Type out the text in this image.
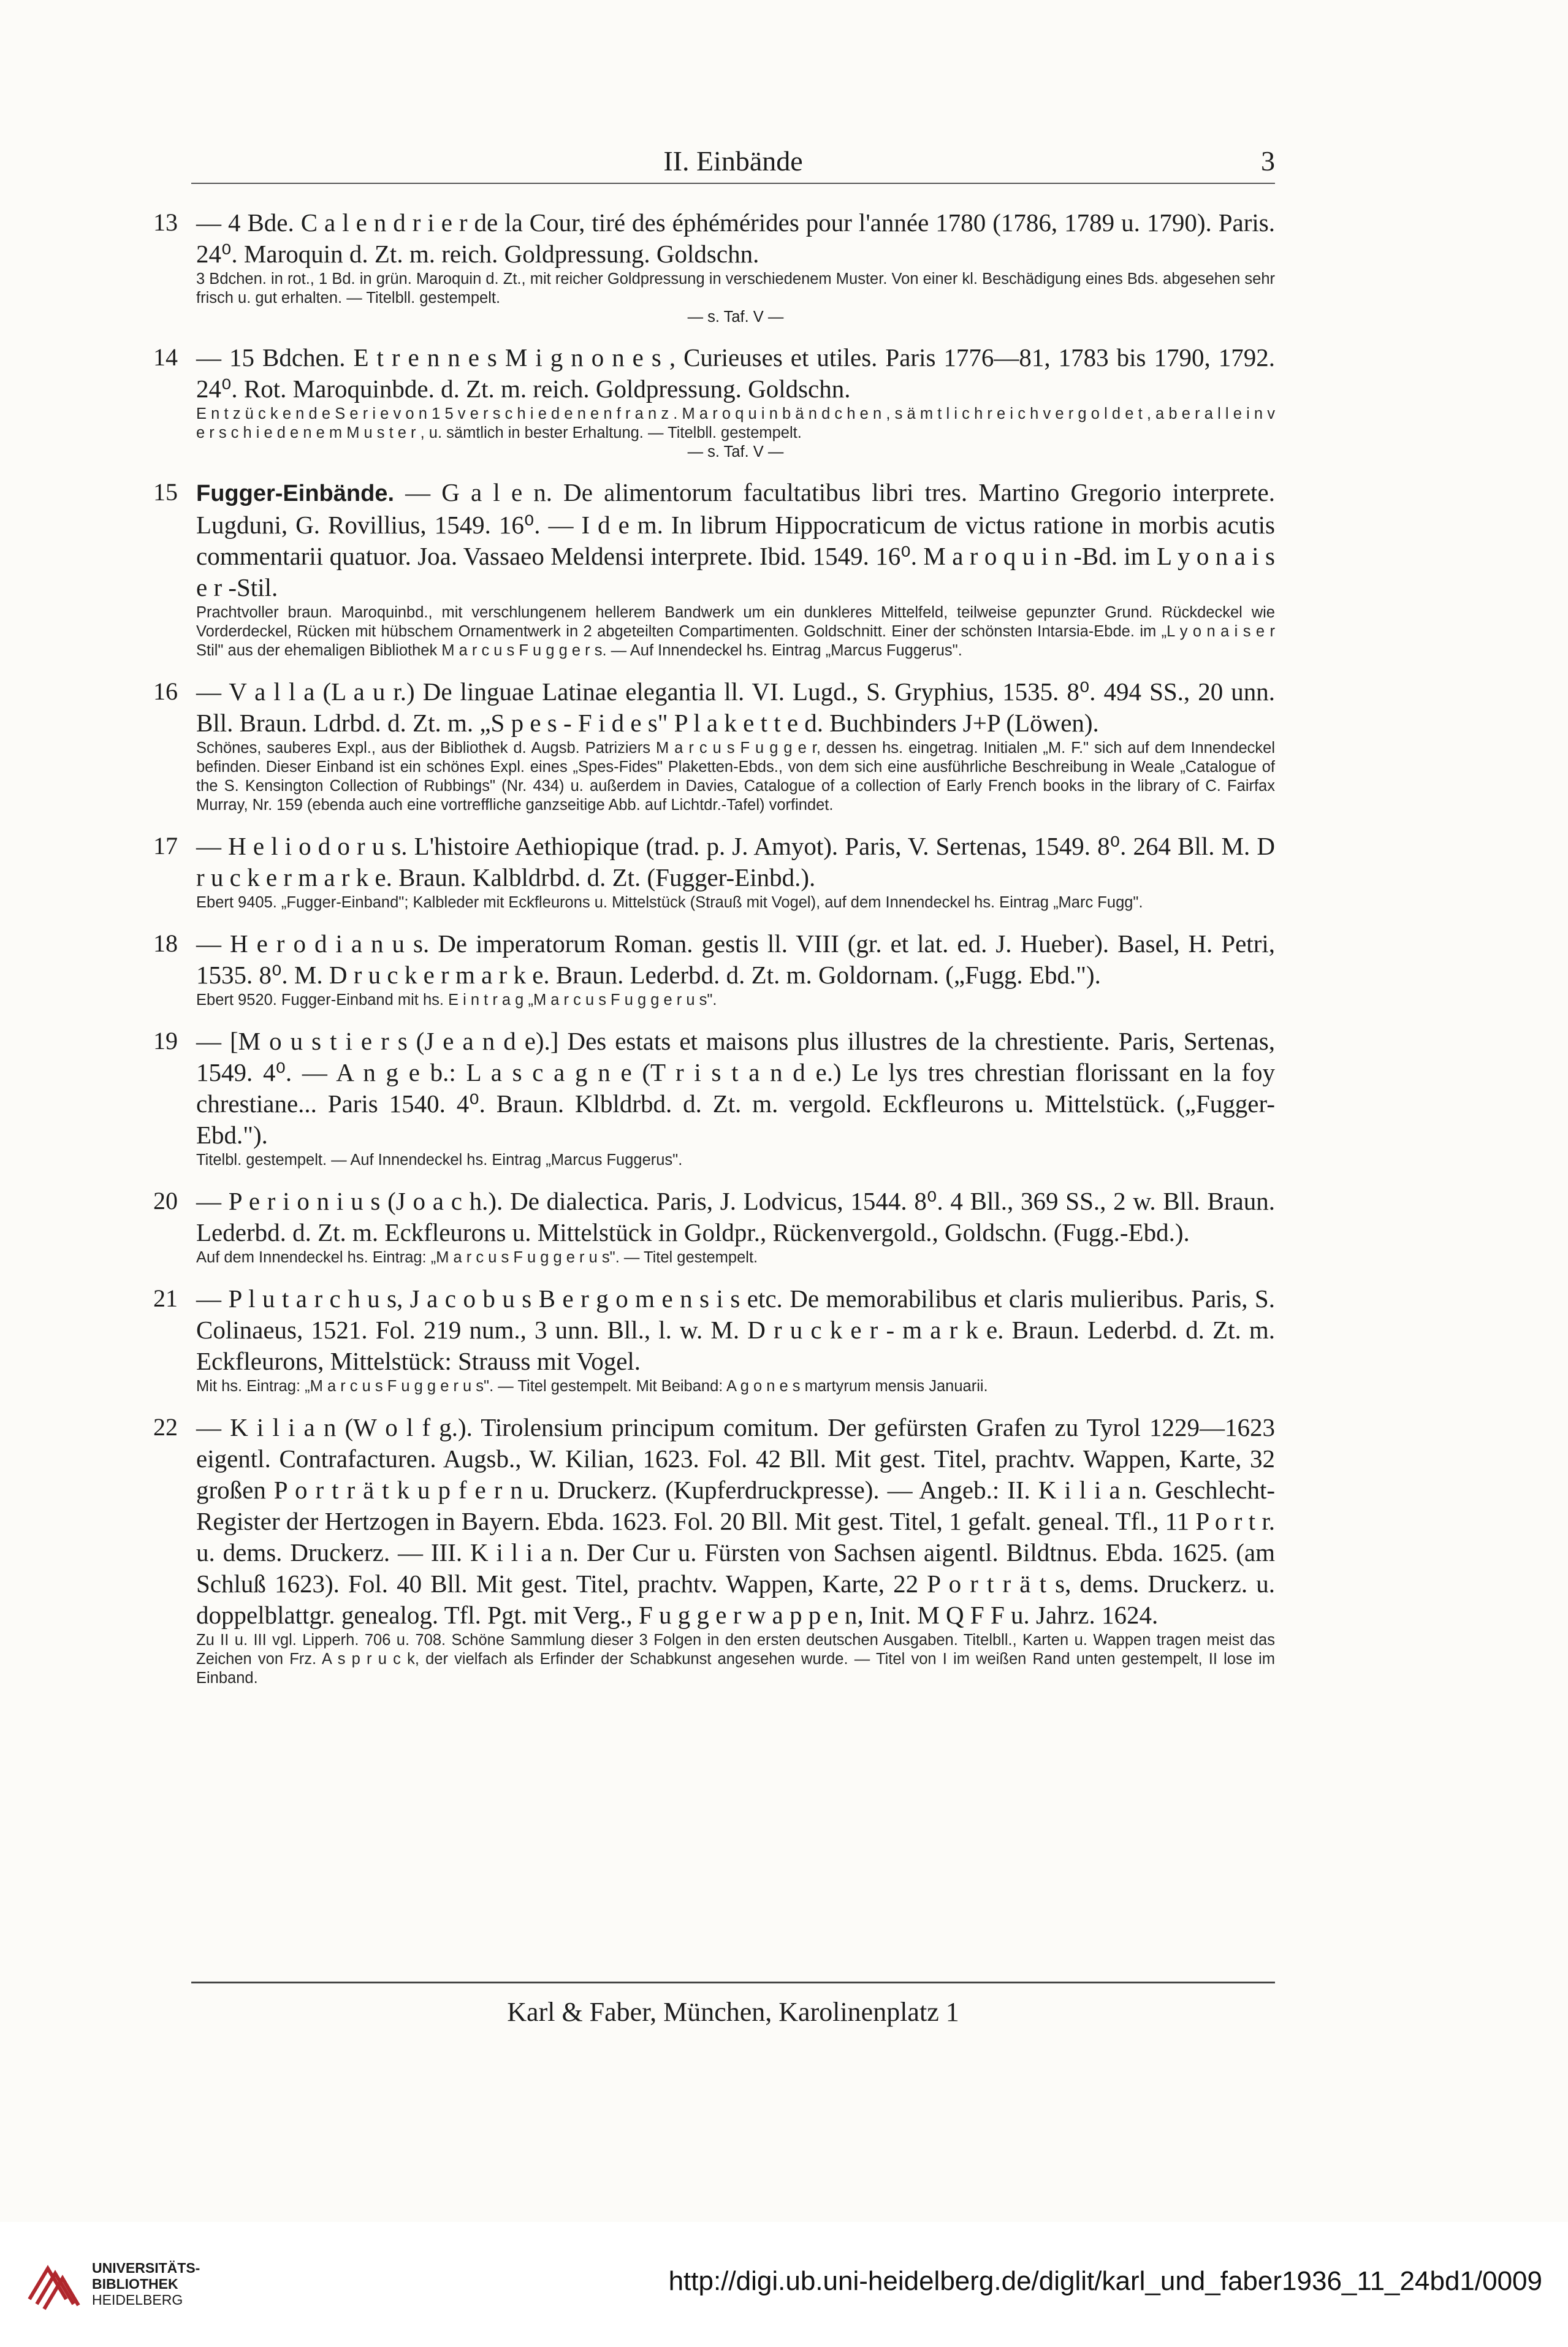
II. Einbände	3
13 — 4 Bde. C a l e n d r i e r de la Cour, tiré des éphémérides pour l'année 1780 (1786, 1789 u. 1790). Paris. 24⁰. Maroquin d. Zt. m. reich. Goldpressung. Goldschn.
3 Bdchen. in rot., 1 Bd. in grün. Maroquin d. Zt., mit reicher Goldpressung in verschiedenem Muster. Von einer kl. Beschädigung eines Bds. abgesehen sehr frisch u. gut erhalten. — Titelbll. gestempelt.
— s. Taf. V —
14 — 15 Bdchen. E t r e n n e s M i g n o n e s , Curieuses et utiles. Paris 1776—81, 1783 bis 1790, 1792. 24⁰. Rot. Maroquinbde. d. Zt. m. reich. Goldpressung. Goldschn.
E n t z ü c k e n d e S e r i e v o n 1 5 v e r s c h i e d e n e n f r a n z . M a r o q u i n b ä n d c h e n , s ä m t l i c h r e i c h v e r g o l d e t , a b e r a l l e i n v e r s c h i e d e n e m M u s t e r , u. sämtlich in bester Erhaltung. — Titelbll. gestempelt.
— s. Taf. V —
15 Fugger-Einbände. — G a l e n. De alimentorum facultatibus libri tres. Martino Gregorio interprete. Lugduni, G. Rovillius, 1549. 16⁰. — I d e m. In librum Hippocraticum de victus ratione in morbis acutis commentarii quatuor. Joa. Vassaeo Meldensi interprete. Ibid. 1549. 16⁰. M a r o q u i n -Bd. im L y o n a i s e r -Stil.
Prachtvoller braun. Maroquinbd., mit verschlungenem hellerem Bandwerk um ein dunkleres Mittelfeld, teilweise gepunzter Grund. Rückdeckel wie Vorderdeckel, Rücken mit hübschem Ornamentwerk in 2 abgeteilten Compartimenten. Goldschnitt. Einer der schönsten Intarsia-Ebde. im „L y o n a i s e r Stil" aus der ehemaligen Bibliothek M a r c u s F u g g e r s. — Auf Innendeckel hs. Eintrag „Marcus Fuggerus".
16 — V a l l a (L a u r.) De linguae Latinae elegantia ll. VI. Lugd., S. Gryphius, 1535. 8⁰. 494 SS., 20 unn. Bll. Braun. Ldrbd. d. Zt. m. „S p e s - F i d e s" P l a k e t t e d. Buchbinders J+P (Löwen).
Schönes, sauberes Expl., aus der Bibliothek d. Augsb. Patriziers M a r c u s F u g g e r, dessen hs. eingetrag. Initialen „M. F." sich auf dem Innendeckel befinden. Dieser Einband ist ein schönes Expl. eines „Spes-Fides" Plaketten-Ebds., von dem sich eine ausführliche Beschreibung in Weale „Catalogue of the S. Kensington Collection of Rubbings" (Nr. 434) u. außerdem in Davies, Catalogue of a collection of Early French books in the library of C. Fairfax Murray, Nr. 159 (ebenda auch eine vortreffliche ganzseitige Abb. auf Lichtdr.-Tafel) vorfindet.
17 — H e l i o d o r u s. L'histoire Aethiopique (trad. p. J. Amyot). Paris, V. Sertenas, 1549. 8⁰. 264 Bll. M. D r u c k e r m a r k e. Braun. Kalbldrbd. d. Zt. (Fugger-Einbd.).
Ebert 9405. „Fugger-Einband"; Kalbleder mit Eckfleurons u. Mittelstück (Strauß mit Vogel), auf dem Innendeckel hs. Eintrag „Marc Fugg".
18 — H e r o d i a n u s. De imperatorum Roman. gestis ll. VIII (gr. et lat. ed. J. Hueber). Basel, H. Petri, 1535. 8⁰. M. D r u c k e r m a r k e. Braun. Lederbd. d. Zt. m. Goldornam. („Fugg. Ebd.").
Ebert 9520. Fugger-Einband mit hs. E i n t r a g „M a r c u s F u g g e r u s".
19 — [M o u s t i e r s (J e a n d e).] Des estats et maisons plus illustres de la chrestiente. Paris, Sertenas, 1549. 4⁰. — A n g e b.: L a s c a g n e (T r i s t a n d e.) Le lys tres chrestian florissant en la foy chrestiane... Paris 1540. 4⁰. Braun. Klbldrbd. d. Zt. m. vergold. Eckfleurons u. Mittelstück. („Fugger-Ebd.").
Titelbl. gestempelt. — Auf Innendeckel hs. Eintrag „Marcus Fuggerus".
20 — P e r i o n i u s (J o a c h.). De dialectica. Paris, J. Lodvicus, 1544. 8⁰. 4 Bll., 369 SS., 2 w. Bll. Braun. Lederbd. d. Zt. m. Eckfleurons u. Mittelstück in Goldpr., Rückenvergold., Goldschn. (Fugg.-Ebd.).
Auf dem Innendeckel hs. Eintrag: „M a r c u s F u g g e r u s". — Titel gestempelt.
21 — P l u t a r c h u s, J a c o b u s B e r g o m e n s i s etc. De memorabilibus et claris mulieribus. Paris, S. Colinaeus, 1521. Fol. 219 num., 3 unn. Bll., l. w. M. D r u c k e r - m a r k e. Braun. Lederbd. d. Zt. m. Eckfleurons, Mittelstück: Strauss mit Vogel.
Mit hs. Eintrag: „M a r c u s F u g g e r u s". — Titel gestempelt. Mit Beiband: A g o n e s martyrum mensis Januarii.
22 — K i l i a n (W o l f g.). Tirolensium principum comitum. Der gefürsten Grafen zu Tyrol 1229—1623 eigentl. Contrafacturen. Augsb., W. Kilian, 1623. Fol. 42 Bll. Mit gest. Titel, prachtv. Wappen, Karte, 32 großen P o r t r ä t k u p f e r n u. Druckerz. (Kupferdruckpresse). — Angeb.: II. K i l i a n. Geschlecht-Register der Hertzogen in Bayern. Ebda. 1623. Fol. 20 Bll. Mit gest. Titel, 1 gefalt. geneal. Tfl., 11 P o r t r. u. dems. Druckerz. — III. K i l i a n. Der Cur u. Fürsten von Sachsen aigentl. Bildtnus. Ebda. 1625. (am Schluß 1623). Fol. 40 Bll. Mit gest. Titel, prachtv. Wappen, Karte, 22 P o r t r ä t s, dems. Druckerz. u. doppelblattgr. genealog. Tfl. Pgt. mit Verg., F u g g e r w a p p e n, Init. M Q F F u. Jahrz. 1624.
Zu II u. III vgl. Lipperh. 706 u. 708. Schöne Sammlung dieser 3 Folgen in den ersten deutschen Ausgaben. Titelbll., Karten u. Wappen tragen meist das Zeichen von Frz. A s p r u c k, der vielfach als Erfinder der Schabkunst angesehen wurde. — Titel von I im weißen Rand unten gestempelt, II lose im Einband.
Karl & Faber, München, Karolinenplatz 1
UNIVERSITÄTS-
BIBLIOTHEK
HEIDELBERG
http://digi.ub.uni-heidelberg.de/diglit/karl_und_faber1936_11_24bd1/0009
